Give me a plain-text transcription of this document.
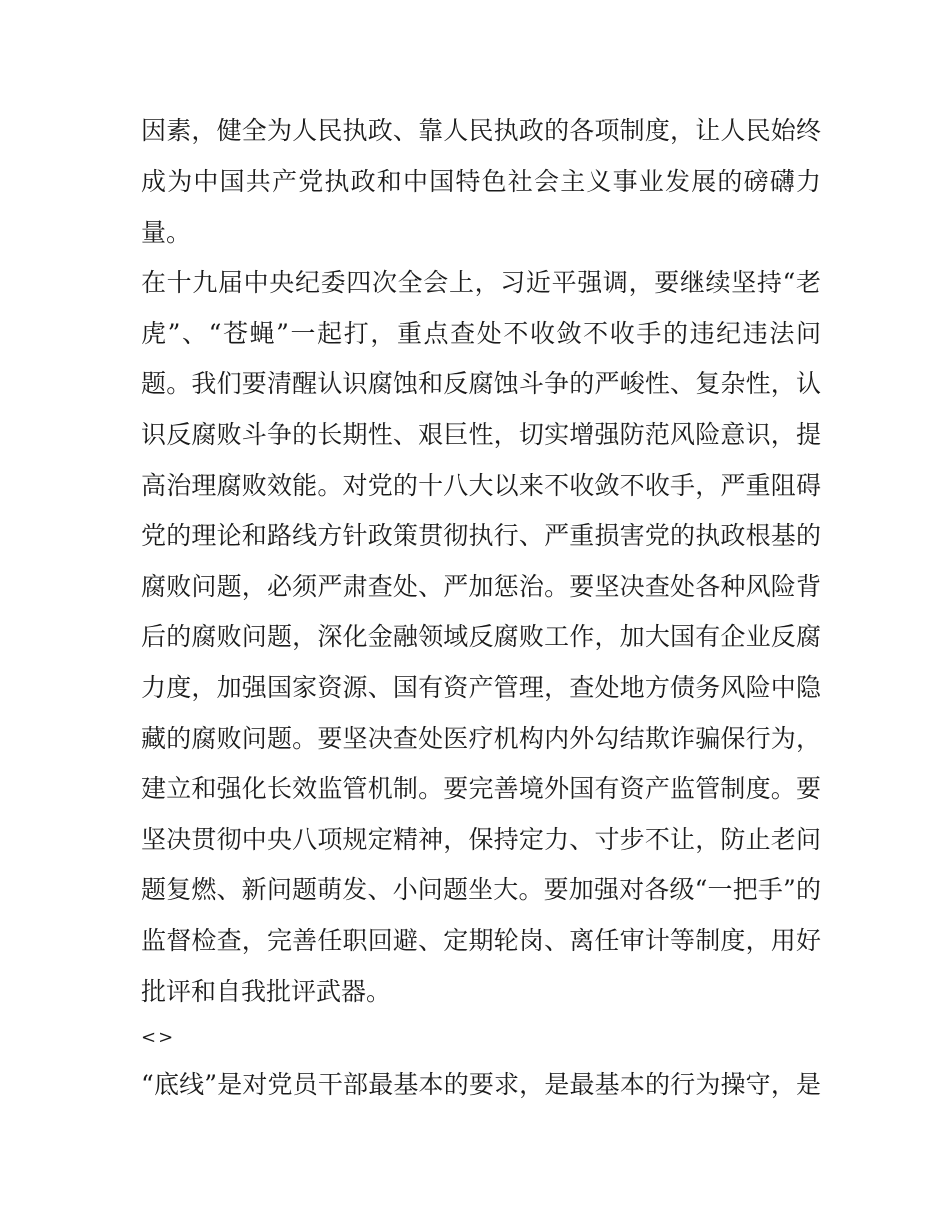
因素，健全为人民执政、靠人民执政的各项制度，让人民始终
成为中国共产党执政和中国特色社会主义事业发展的磅礴力
量。
在十九届中央纪委四次全会上，习近平强调，要继续坚持“老
虎”、“苍蝇”一起打，重点查处不收敛不收手的违纪违法问
题。我们要清醒认识腐蚀和反腐蚀斗争的严峻性、复杂性，认
识反腐败斗争的长期性、艰巨性，切实增强防范风险意识，提
高治理腐败效能。对党的十八大以来不收敛不收手，严重阻碍
党的理论和路线方针政策贯彻执行、严重损害党的执政根基的
腐败问题，必须严肃查处、严加惩治。要坚决查处各种风险背
后的腐败问题，深化金融领域反腐败工作，加大国有企业反腐
力度，加强国家资源、国有资产管理，查处地方债务风险中隐
藏的腐败问题。要坚决查处医疗机构内外勾结欺诈骗保行为，
建立和强化长效监管机制。要完善境外国有资产监管制度。要
坚决贯彻中央八项规定精神，保持定力、寸步不让，防止老问
题复燃、新问题萌发、小问题坐大。要加强对各级“一把手”的
监督检查，完善任职回避、定期轮岗、离任审计等制度，用好
批评和自我批评武器。
<>
“底线”是对党员干部最基本的要求，是最基本的行为操守，是
